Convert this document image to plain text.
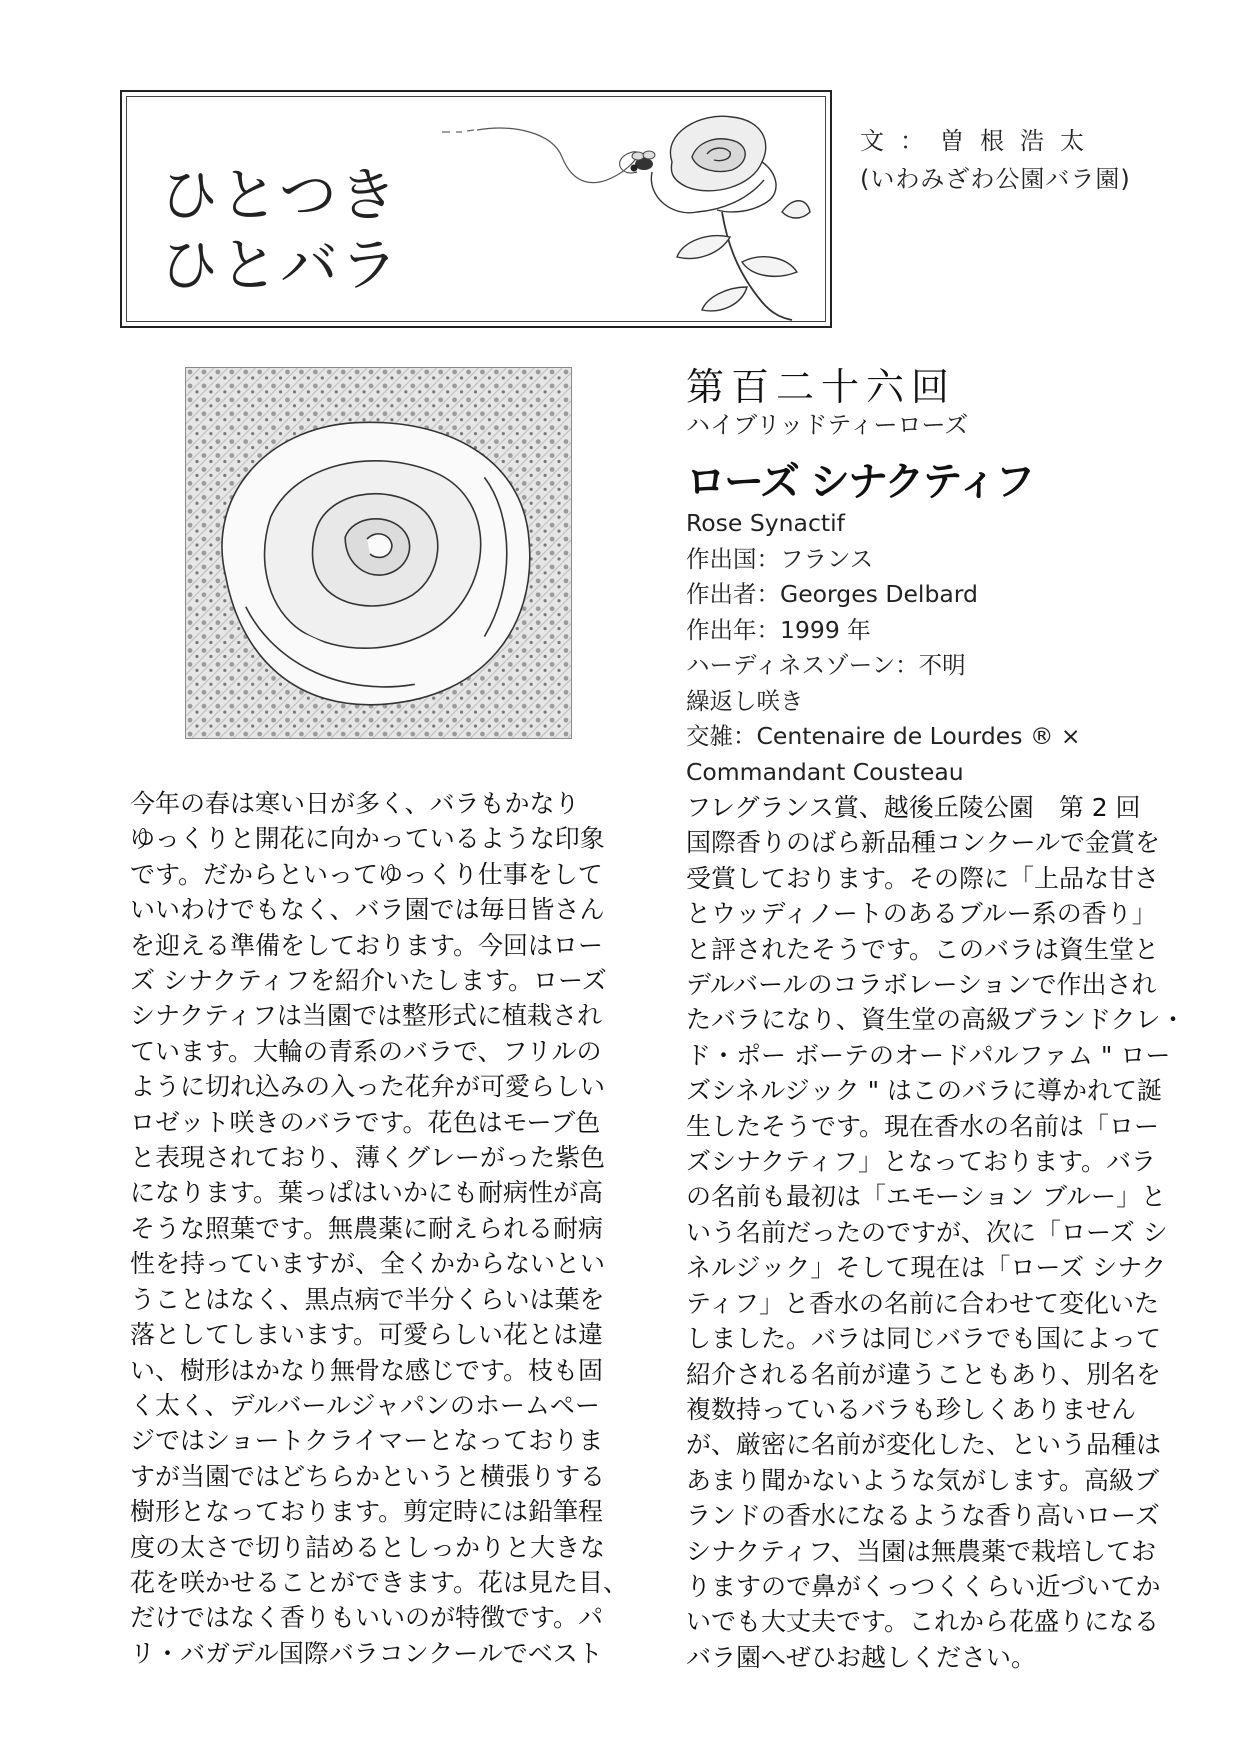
ひとつき
ひとバラ
文：曽根浩太
(いわみざわ公園バラ園)
第百二十六回
ハイブリッドティーローズ
ローズ シナクティフ
Rose Synactif
作出国：フランス
作出者：Georges Delbard
作出年：1999 年
ハーディネスゾーン：不明
繰返し咲き
交雑：Centenaire de Lourdes ® ×
Commandant Cousteau
今年の春は寒い日が多く、バラもかなり
ゆっくりと開花に向かっているような印象
です。だからといってゆっくり仕事をして
いいわけでもなく、バラ園では毎日皆さん
を迎える準備をしております。今回はロー
ズ シナクティフを紹介いたします。ローズ
シナクティフは当園では整形式に植栽され
ています。大輪の青系のバラで、フリルの
ように切れ込みの入った花弁が可愛らしい
ロゼット咲きのバラです。花色はモーブ色
と表現されており、薄くグレーがった紫色
になります。葉っぱはいかにも耐病性が高
そうな照葉です。無農薬に耐えられる耐病
性を持っていますが、全くかからないとい
うことはなく、黒点病で半分くらいは葉を
落としてしまいます。可愛らしい花とは違
い、樹形はかなり無骨な感じです。枝も固
く太く、デルバールジャパンのホームペー
ジではショートクライマーとなっておりま
すが当園ではどちらかというと横張りする
樹形となっております。剪定時には鉛筆程
度の太さで切り詰めるとしっかりと大きな
花を咲かせることができます。花は見た目、
だけではなく香りもいいのが特徴です。パ
リ・バガデル国際バラコンクールでベスト
フレグランス賞、越後丘陵公園　第 2 回
国際香りのばら新品種コンクールで金賞を
受賞しております。その際に「上品な甘さ
とウッディノートのあるブルー系の香り」
と評されたそうです。このバラは資生堂と
デルバールのコラボレーションで作出され
たバラになり、資生堂の高級ブランドクレ・
ド・ポー ボーテのオードパルファム " ロー
ズシネルジック " はこのバラに導かれて誕
生したそうです。現在香水の名前は「ロー
ズシナクティフ」となっております。バラ
の名前も最初は「エモーション ブルー」と
いう名前だったのですが、次に「ローズ シ
ネルジック」そして現在は「ローズ シナク
ティフ」と香水の名前に合わせて変化いた
しました。バラは同じバラでも国によって
紹介される名前が違うこともあり、別名を
複数持っているバラも珍しくありません
が、厳密に名前が変化した、という品種は
あまり聞かないような気がします。高級ブ
ランドの香水になるような香り高いローズ
シナクティフ、当園は無農薬で栽培してお
りますので鼻がくっつくくらい近づいてか
いでも大丈夫です。これから花盛りになる
バラ園へぜひお越しください。
